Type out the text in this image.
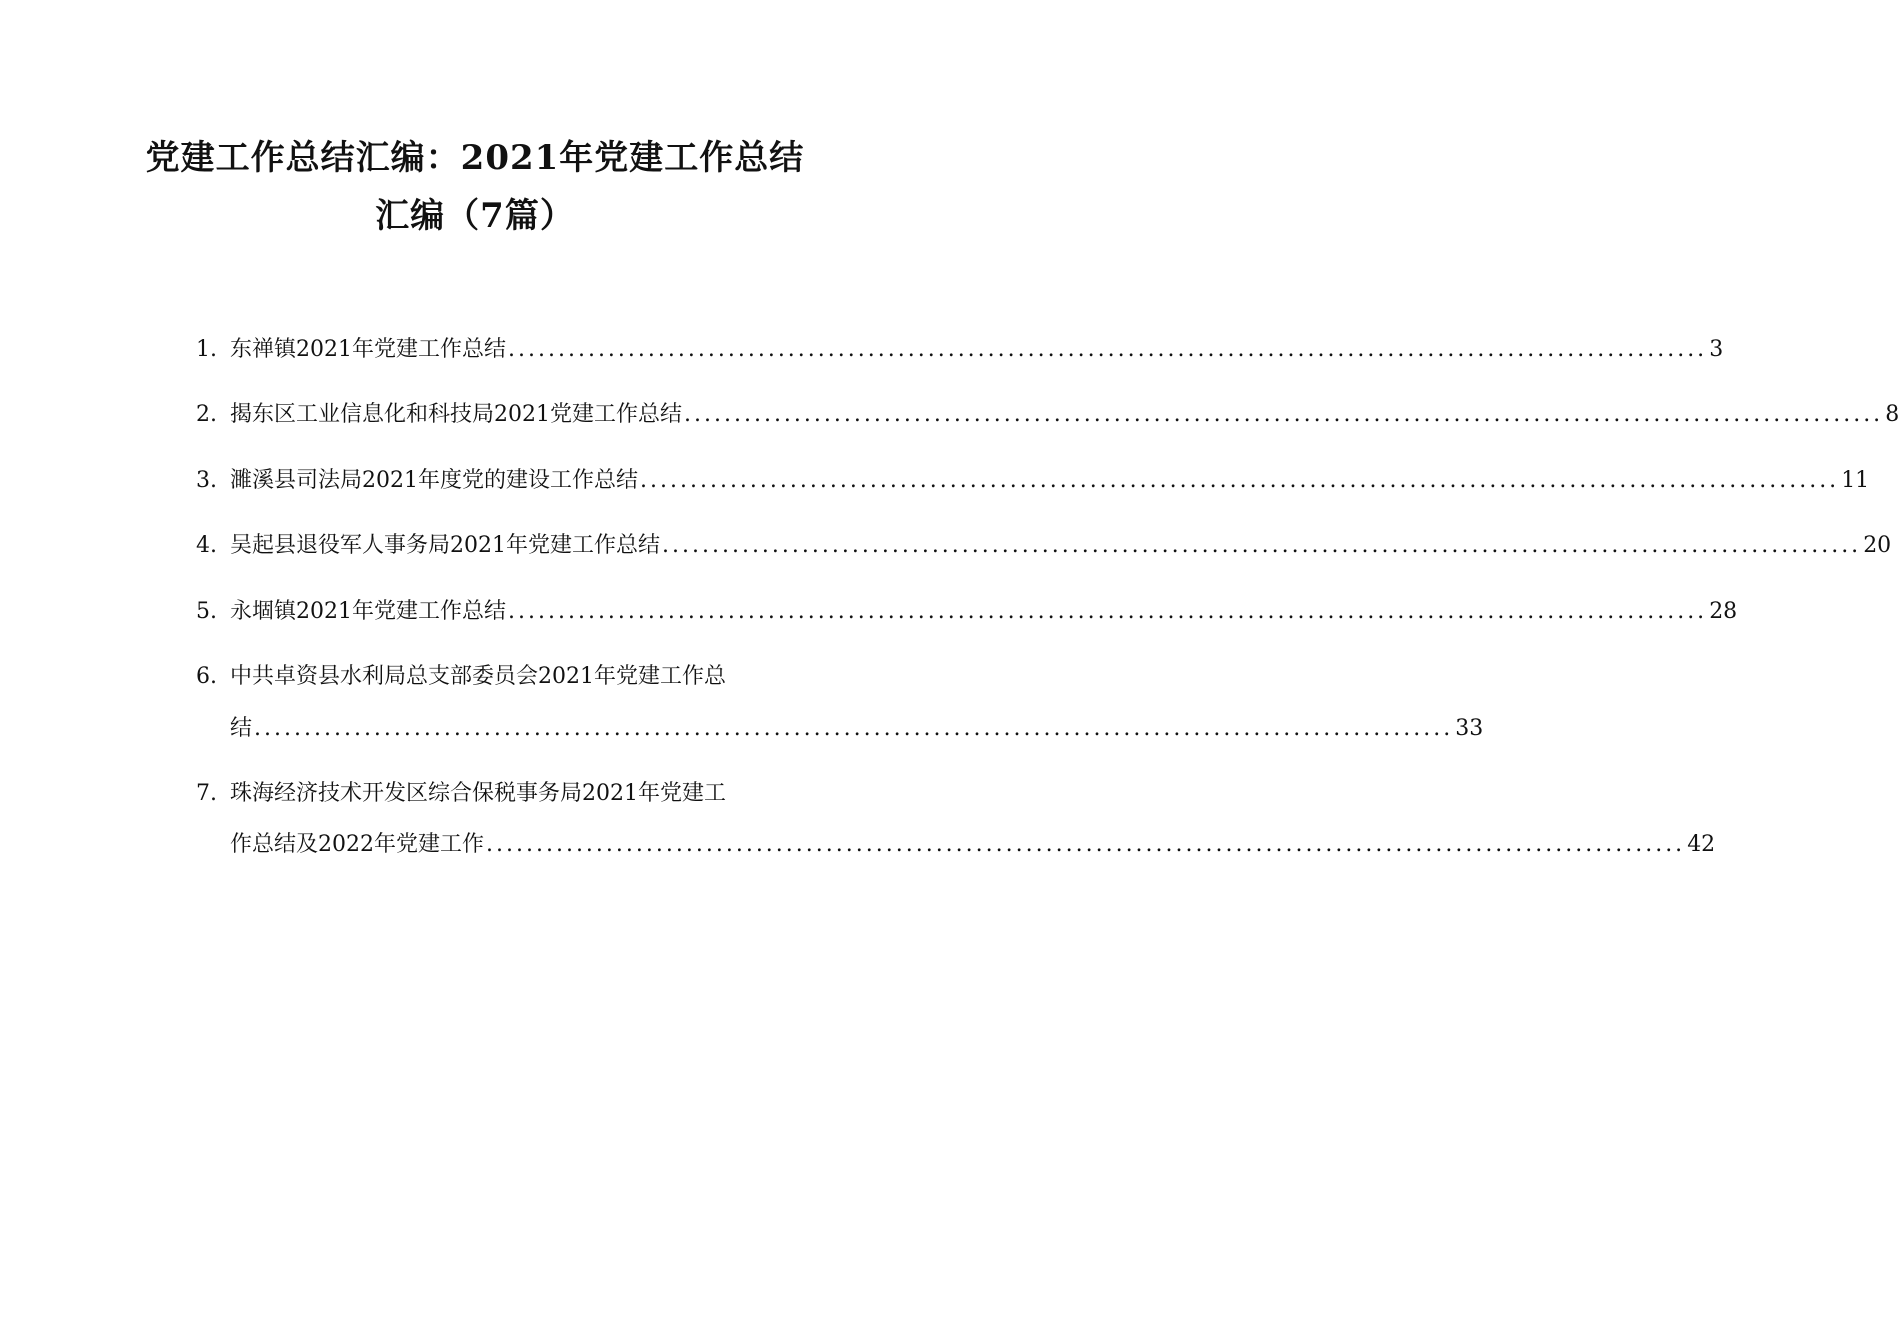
党建工作总结汇编：2021年党建工作总结
汇编（7篇）
1. 东禅镇2021年党建工作总结 ........................................................................................................................ 3
2. 揭东区工业信息化和科技局2021党建工作总结 ........................................................................................................................ 8
3. 濉溪县司法局2021年度党的建设工作总结 ........................................................................................................................ 11
4. 吴起县退役军人事务局2021年党建工作总结 ........................................................................................................................ 20
5. 永堌镇2021年党建工作总结 ........................................................................................................................ 28
6. 中共卓资县水利局总支部委员会2021年党建工作总
结 ........................................................................................................................ 33
7. 珠海经济技术开发区综合保税事务局2021年党建工
作总结及2022年党建工作 ........................................................................................................................ 42
